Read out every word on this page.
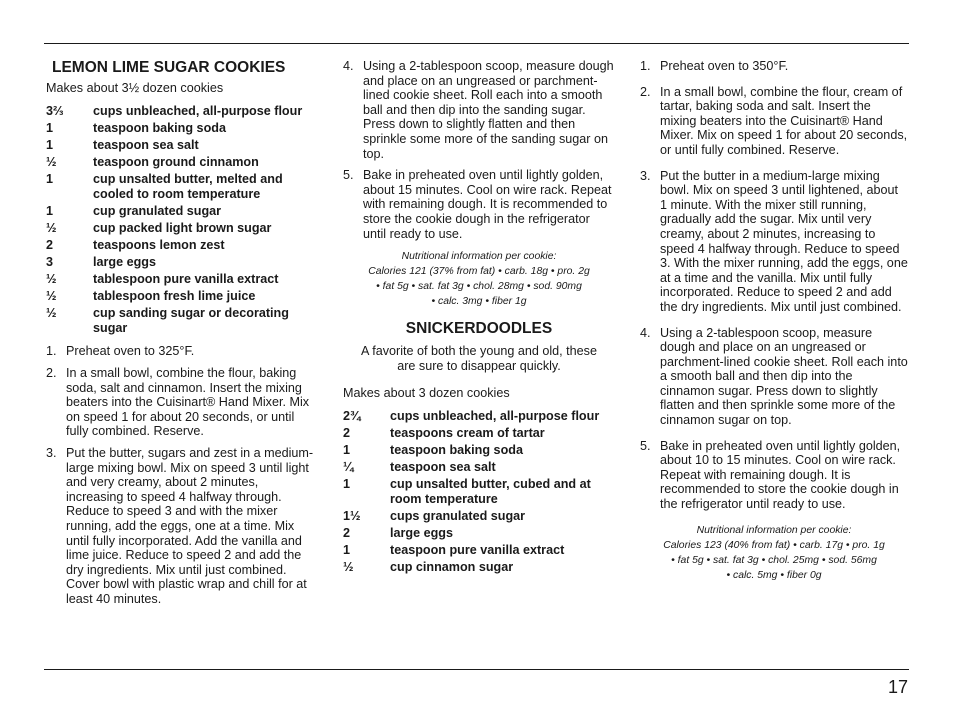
LEMON LIME SUGAR COOKIES

Makes about 3½ dozen cookies

3⅔	cups unbleached, all-purpose flour
1	teaspoon baking soda
1	teaspoon sea salt
½	teaspoon ground cinnamon
1	cup unsalted butter, melted and cooled to room temperature
1	cup granulated sugar
½	cup packed light brown sugar
2	teaspoons lemon zest
3	large eggs
½	tablespoon pure vanilla extract
½	tablespoon fresh lime juice
½	cup sanding sugar or decorating sugar
1. Preheat oven to 325°F.
2. In a small bowl, combine the flour, baking soda, salt and cinnamon. Insert the mixing beaters into the Cuisinart® Hand Mixer. Mix on speed 1 for about 20 seconds, or until fully combined. Reserve.
3. Put the butter, sugars and zest in a medium-large mixing bowl. Mix on speed 3 until light and very creamy, about 2 minutes, increasing to speed 4 halfway through. Reduce to speed 3 and with the mixer running, add the eggs, one at a time. Mix until fully incorporated. Add the vanilla and lime juice. Reduce to speed 2 and add the dry ingredients. Mix until just combined. Cover bowl with plastic wrap and chill for at least 40 minutes.
4. Using a 2-tablespoon scoop, measure dough and place on an ungreased or parchment-lined cookie sheet. Roll each into a smooth ball and then dip into the sanding sugar. Press down to slightly flatten and then sprinkle some more of the sanding sugar on top.
5. Bake in preheated oven until lightly golden, about 15 minutes. Cool on wire rack. Repeat with remaining dough. It is recommended to store the cookie dough in the refrigerator until ready to use.

Nutritional information per cookie:

Calories 121 (37% from fat) • carb. 18g • pro. 2g

• fat 5g • sat. fat 3g • chol. 28mg • sod. 90mg

• calc. 3mg • fiber 1g

SNICKERDOODLES

A favorite of both the young and old, these are sure to disappear quickly.

Makes about 3 dozen cookies

2¾	cups unbleached, all-purpose flour
2	teaspoons cream of tartar
1	teaspoon baking soda
¼	teaspoon sea salt
1	cup unsalted butter, cubed and at room temperature
1½	cups granulated sugar
2	large eggs
1	teaspoon pure vanilla extract
½	cup cinnamon sugar
1. Preheat oven to 350°F.
2. In a small bowl, combine the flour, cream of tartar, baking soda and salt. Insert the mixing beaters into the Cuisinart® Hand Mixer. Mix on speed 1 for about 20 seconds, or until fully combined. Reserve.
3. Put the butter in a medium-large mixing bowl. Mix on speed 3 until lightened, about 1 minute. With the mixer still running, gradually add the sugar. Mix until very creamy, about 2 minutes, increasing to speed 4 halfway through. Reduce to speed 3. With the mixer running, add the eggs, one at a time and the vanilla. Mix until fully incorporated. Reduce to speed 2 and add the dry ingredients. Mix until just combined.
4. Using a 2-tablespoon scoop, measure dough and place on an ungreased or parchment-lined cookie sheet. Roll each into a smooth ball and then dip into the cinnamon sugar. Press down to slightly flatten and then sprinkle some more of the cinnamon sugar on top.
5. Bake in preheated oven until lightly golden, about 10 to 15 minutes. Cool on wire rack. Repeat with remaining dough. It is recommended to store the cookie dough in the refrigerator until ready to use.

Nutritional information per cookie:

Calories 123 (40% from fat) • carb. 17g • pro. 1g

• fat 5g • sat. fat 3g • chol. 25mg • sod. 56mg

• calc. 5mg • fiber 0g

17
